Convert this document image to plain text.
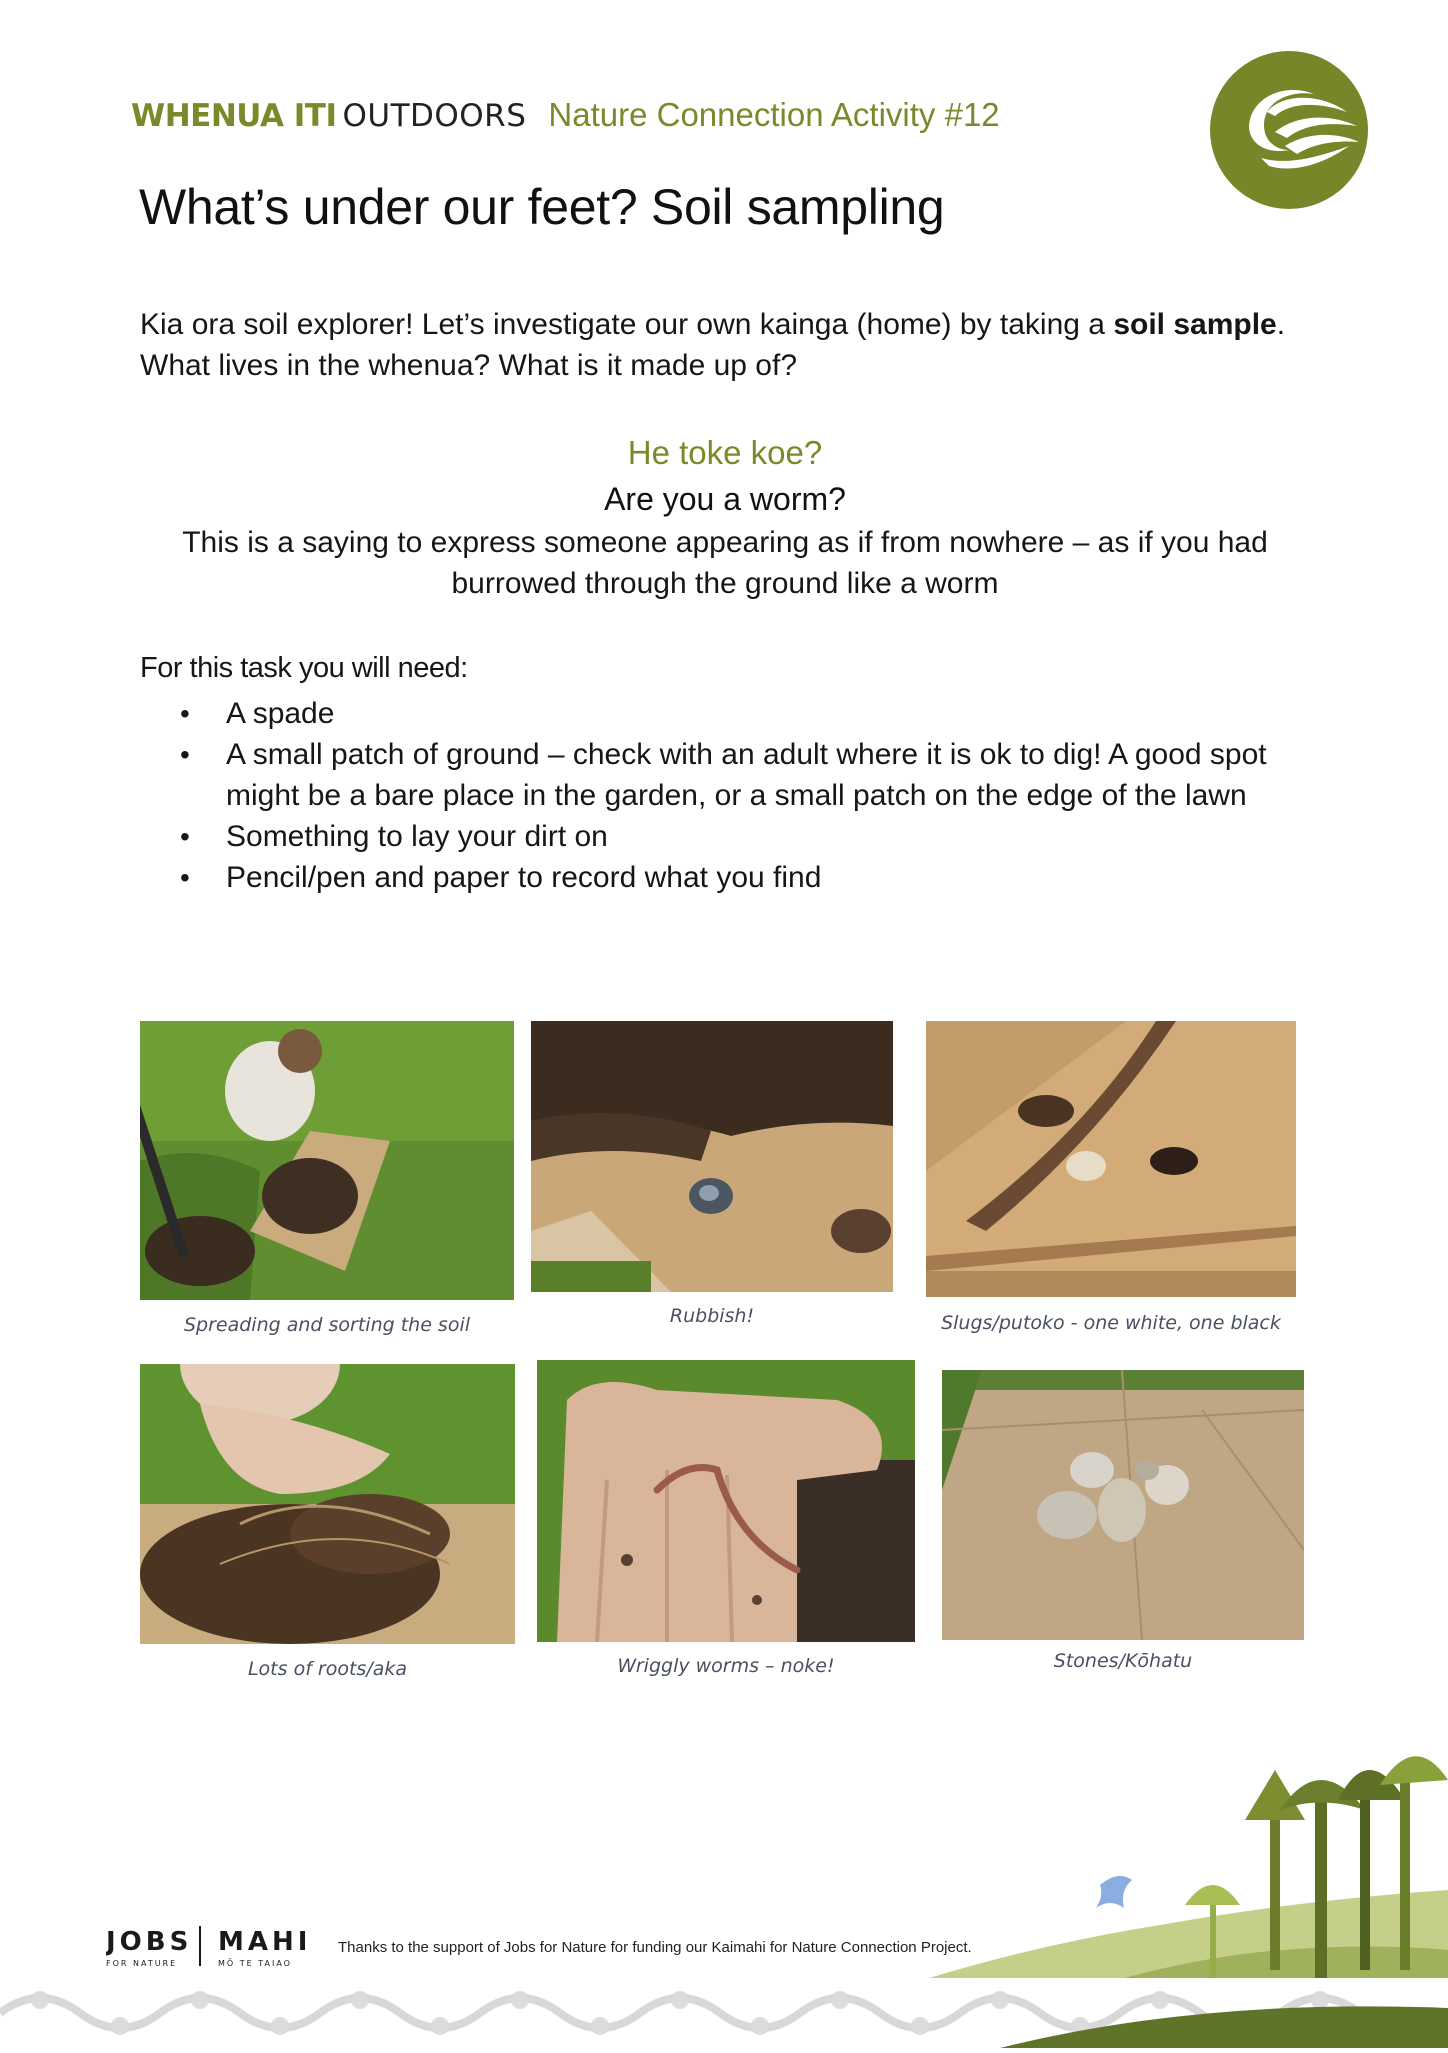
WHENUA ITI OUTDOORS Nature Connection Activity #12
What’s under our feet? Soil sampling
Kia ora soil explorer! Let’s investigate our own kainga (home) by taking a soil sample.
What lives in the whenua? What is it made up of?
He toke koe?
Are you a worm?
This is a saying to express someone appearing as if from nowhere – as if you had burrowed through the ground like a worm
For this task you will need:
• A spade
• A small patch of ground – check with an adult where it is ok to dig! A good spot might be a bare place in the garden, or a small patch on the edge of the lawn
• Something to lay your dirt on
• Pencil/pen and paper to record what you find
Spreading and sorting the soil	Rubbish!	Slugs/putoko - one white, one black
Lots of roots/aka	Wriggly worms – noke!	Stones/Kōhatu
JOBS
FOR NATURE
MAHI
MŌ TE TAIAO
Thanks to the support of Jobs for Nature for funding our Kaimahi for Nature Connection Project.
